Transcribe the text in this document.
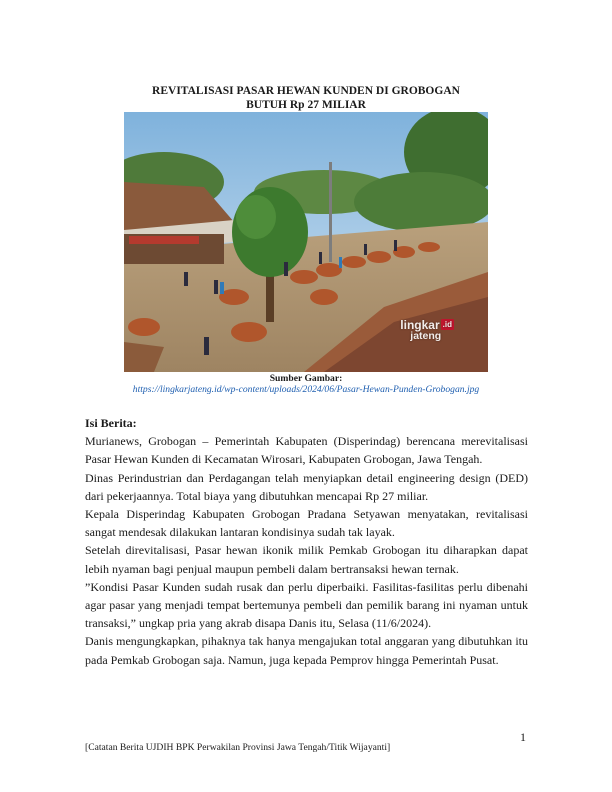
REVITALISASI PASAR HEWAN KUNDEN DI GROBOGAN
BUTUH Rp 27 MILIAR
lingkar .id
jateng
Sumber Gambar:
https://lingkarjateng.id/wp-content/uploads/2024/06/Pasar-Hewan-Punden-Grobogan.jpg
Isi Berita:

Murianews, Grobogan – Pemerintah Kabupaten (Disperindag) berencana merevitalisasi Pasar Hewan Kunden di Kecamatan Wirosari, Kabupaten Grobogan, Jawa Tengah.

Dinas Perindustrian dan Perdagangan telah menyiapkan detail engineering design (DED) dari pekerjaannya. Total biaya yang dibutuhkan mencapai Rp 27 miliar.

Kepala Disperindag Kabupaten Grobogan Pradana Setyawan menyatakan, revitalisasi sangat mendesak dilakukan lantaran kondisinya sudah tak layak.

Setelah direvitalisasi, Pasar hewan ikonik milik Pemkab Grobogan itu diharapkan dapat lebih nyaman bagi penjual maupun pembeli dalam bertransaksi hewan ternak.

”Kondisi Pasar Kunden sudah rusak dan perlu diperbaiki. Fasilitas-fasilitas perlu dibenahi agar pasar yang menjadi tempat bertemunya pembeli dan pemilik barang ini nyaman untuk transaksi,” ungkap pria yang akrab disapa Danis itu, Selasa (11/6/2024).

Danis mengungkapkan, pihaknya tak hanya mengajukan total anggaran yang dibutuhkan itu pada Pemkab Grobogan saja. Namun, juga kepada Pemprov hingga Pemerintah Pusat.

1
[Catatan Berita UJDIH BPK Perwakilan Provinsi Jawa Tengah/Titik Wijayanti]
